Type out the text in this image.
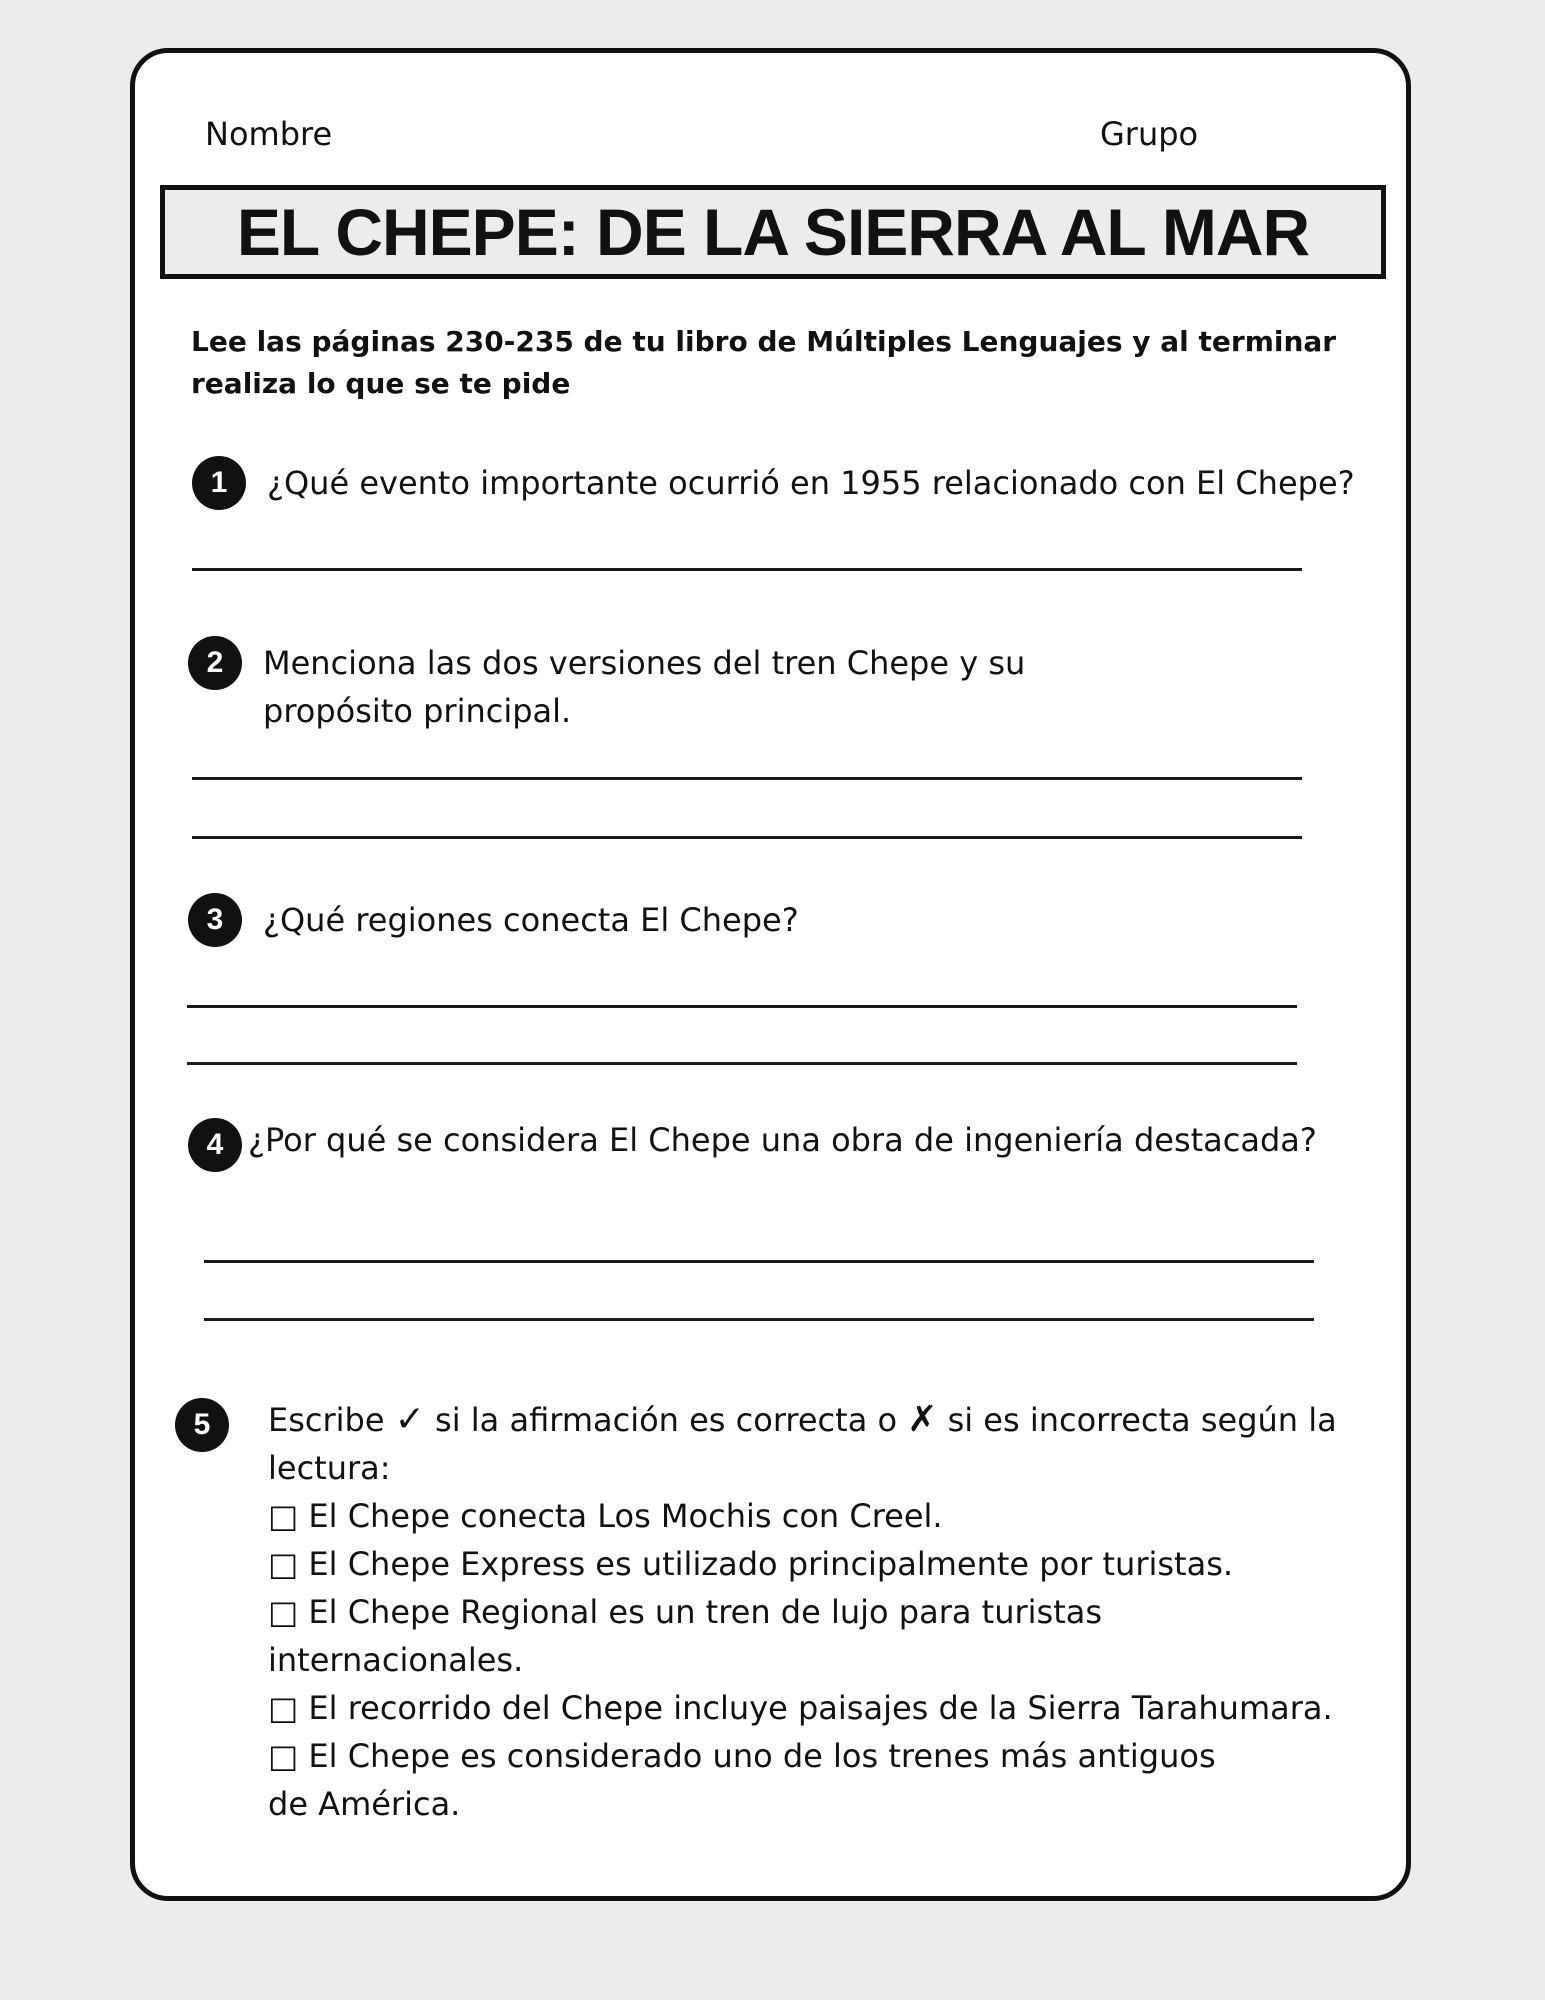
Nombre	Grupo
EL CHEPE: DE LA SIERRA AL MAR
Lee las páginas 230-235 de tu libro de Múltiples Lenguajes y al terminar realiza lo que se te pide
1	¿Qué evento importante ocurrió en 1955 relacionado con El Chepe?
2	Menciona las dos versiones del tren Chepe y su propósito principal.
3	¿Qué regiones conecta El Chepe?
4 ¿Por qué se considera El Chepe una obra de ingeniería destacada?
5	Escribe ✓ si la afirmación es correcta o ✗ si es incorrecta según la lectura:
□ El Chepe conecta Los Mochis con Creel.
□ El Chepe Express es utilizado principalmente por turistas.
□ El Chepe Regional es un tren de lujo para turistas internacionales.
□ El recorrido del Chepe incluye paisajes de la Sierra Tarahumara.
□ El Chepe es considerado uno de los trenes más antiguos de América.
